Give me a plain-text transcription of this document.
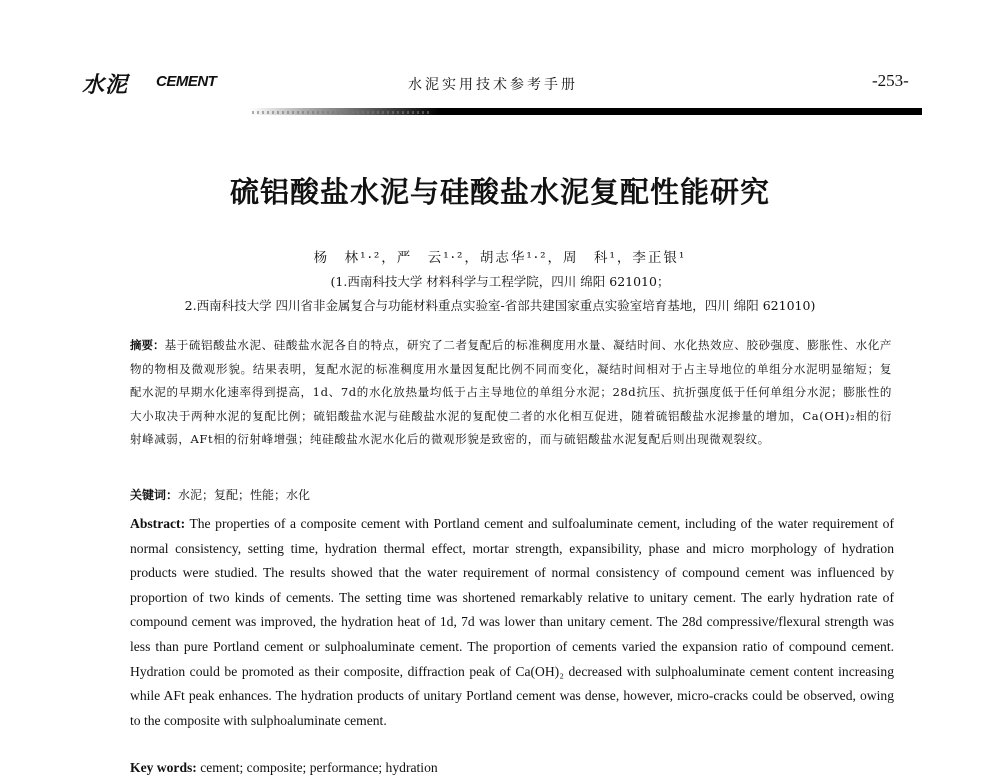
水泥 CEMENT	水泥实用技术参考手册	-253-
硫铝酸盐水泥与硅酸盐水泥复配性能研究
杨　林¹·²，严　云¹·²，胡志华¹·²，周　科¹，李正银¹
(1.西南科技大学 材料科学与工程学院，四川 绵阳 621010；
2.西南科技大学 四川省非金属复合与功能材料重点实验室-省部共建国家重点实验室培育基地，四川 绵阳 621010)
摘要：基于硫铝酸盐水泥、硅酸盐水泥各自的特点，研究了二者复配后的标准稠度用水量、凝结时间、水化热效应、胶砂强度、膨胀性、水化产物的物相及微观形貌。结果表明，复配水泥的标准稠度用水量因复配比例不同而变化，凝结时间相对于占主导地位的单组分水泥明显缩短；复配水泥的早期水化速率得到提高，1d、7d的水化放热量均低于占主导地位的单组分水泥；28d抗压、抗折强度低于任何单组分水泥；膨胀性的大小取决于两种水泥的复配比例；硫铝酸盐水泥与硅酸盐水泥的复配使二者的水化相互促进，随着硫铝酸盐水泥掺量的增加，Ca(OH)₂相的衍射峰减弱，AFt相的衍射峰增强；纯硅酸盐水泥水化后的微观形貌是致密的，而与硫铝酸盐水泥复配后则出现微观裂纹。
关键词：水泥；复配；性能；水化
Abstract: The properties of a composite cement with Portland cement and sulfoaluminate cement, including of the water requirement of normal consistency, setting time, hydration thermal effect, mortar strength, expansibility, phase and micro morphology of hydration products were studied. The results showed that the water requirement of normal consistency of compound cement was influenced by proportion of two kinds of cements. The setting time was shortened remarkably relative to unitary cement. The early hydration rate of compound cement was improved, the hydration heat of 1d, 7d was lower than unitary cement. The 28d compressive/flexural strength was less than pure Portland cement or sulphoaluminate cement. The proportion of cements varied the expansion ratio of compound cement. Hydration could be promoted as their composite, diffraction peak of Ca(OH)₂ decreased with sulphoaluminate cement content increasing while AFt peak enhances. The hydration products of unitary Portland cement was dense, however, micro-cracks could be observed, owing to the composite with sulphoaluminate cement.
Key words: cement; composite; performance; hydration
